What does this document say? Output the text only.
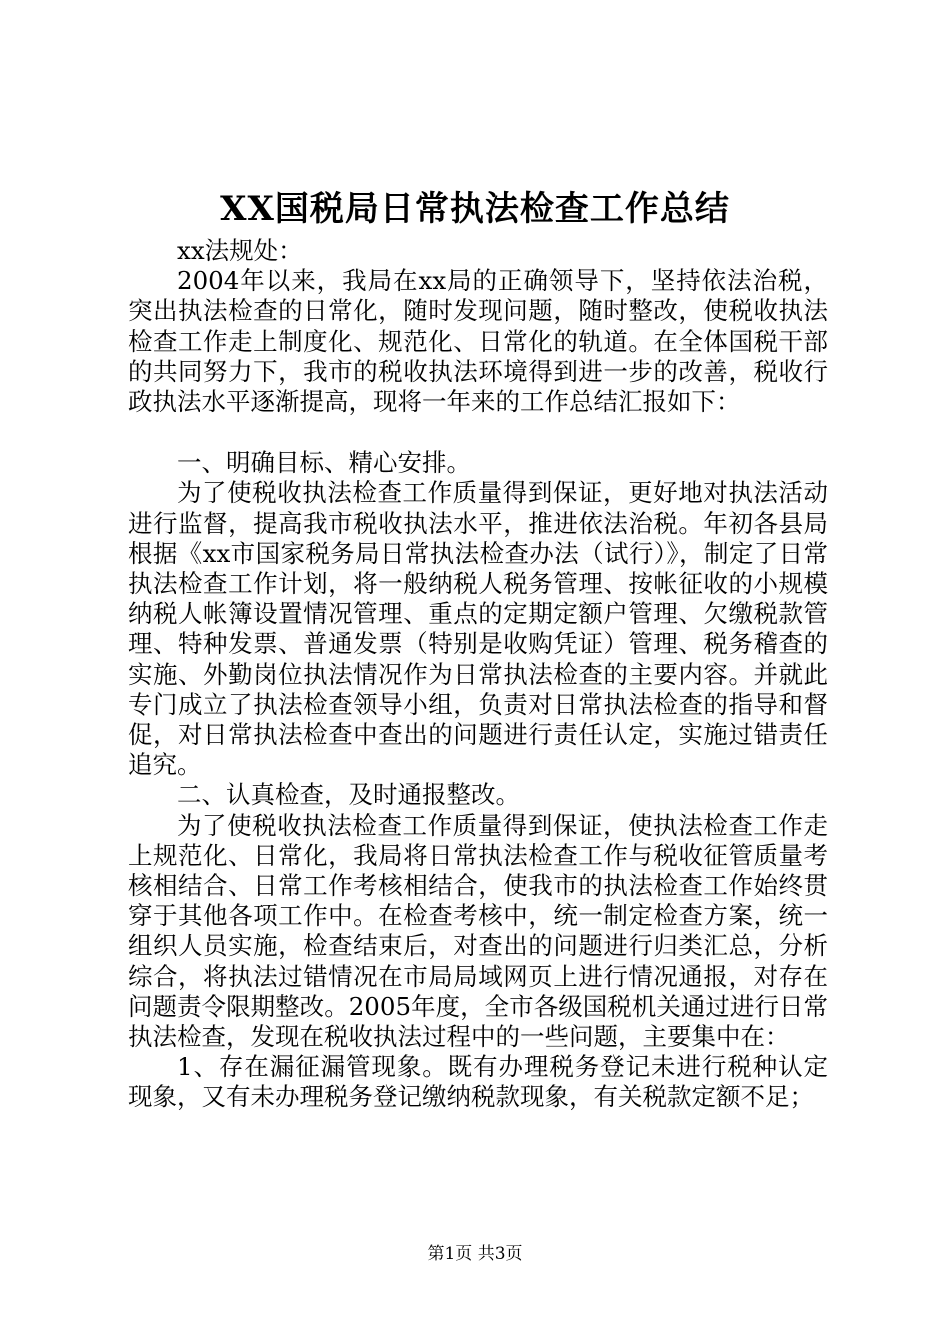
XX国税局日常执法检查工作总结

xx法规处：

2004年以来，我局在xx局的正确领导下，坚持依法治税，突出执法检查的日常化，随时发现问题，随时整改，使税收执法检查工作走上制度化、规范化、日常化的轨道。在全体国税干部的共同努力下，我市的税收执法环境得到进一步的改善，税收行政执法水平逐渐提高，现将一年来的工作总结汇报如下：

一、明确目标、精心安排。

为了使税收执法检查工作质量得到保证，更好地对执法活动进行监督，提高我市税收执法水平，推进依法治税。年初各县局根据《xx市国家税务局日常执法检查办法（试行）》，制定了日常执法检查工作计划，将一般纳税人税务管理、按帐征收的小规模纳税人帐簿设置情况管理、重点的定期定额户管理、欠缴税款管理、特种发票、普通发票（特别是收购凭证）管理、税务稽查的实施、外勤岗位执法情况作为日常执法检查的主要内容。并就此专门成立了执法检查领导小组，负责对日常执法检查的指导和督促，对日常执法检查中查出的问题进行责任认定，实施过错责任追究。

二、认真检查，及时通报整改。

为了使税收执法检查工作质量得到保证，使执法检查工作走上规范化、日常化，我局将日常执法检查工作与税收征管质量考核相结合、日常工作考核相结合，使我市的执法检查工作始终贯穿于其他各项工作中。在检查考核中，统一制定检查方案，统一组织人员实施，检查结束后，对查出的问题进行归类汇总，分析综合，将执法过错情况在市局局域网页上进行情况通报，对存在问题责令限期整改。2005年度，全市各级国税机关通过进行日常执法检查，发现在税收执法过程中的一些问题，主要集中在：

1、存在漏征漏管现象。既有办理税务登记未进行税种认定现象，又有未办理税务登记缴纳税款现象，有关税款定额不足；

第1页 共3页
